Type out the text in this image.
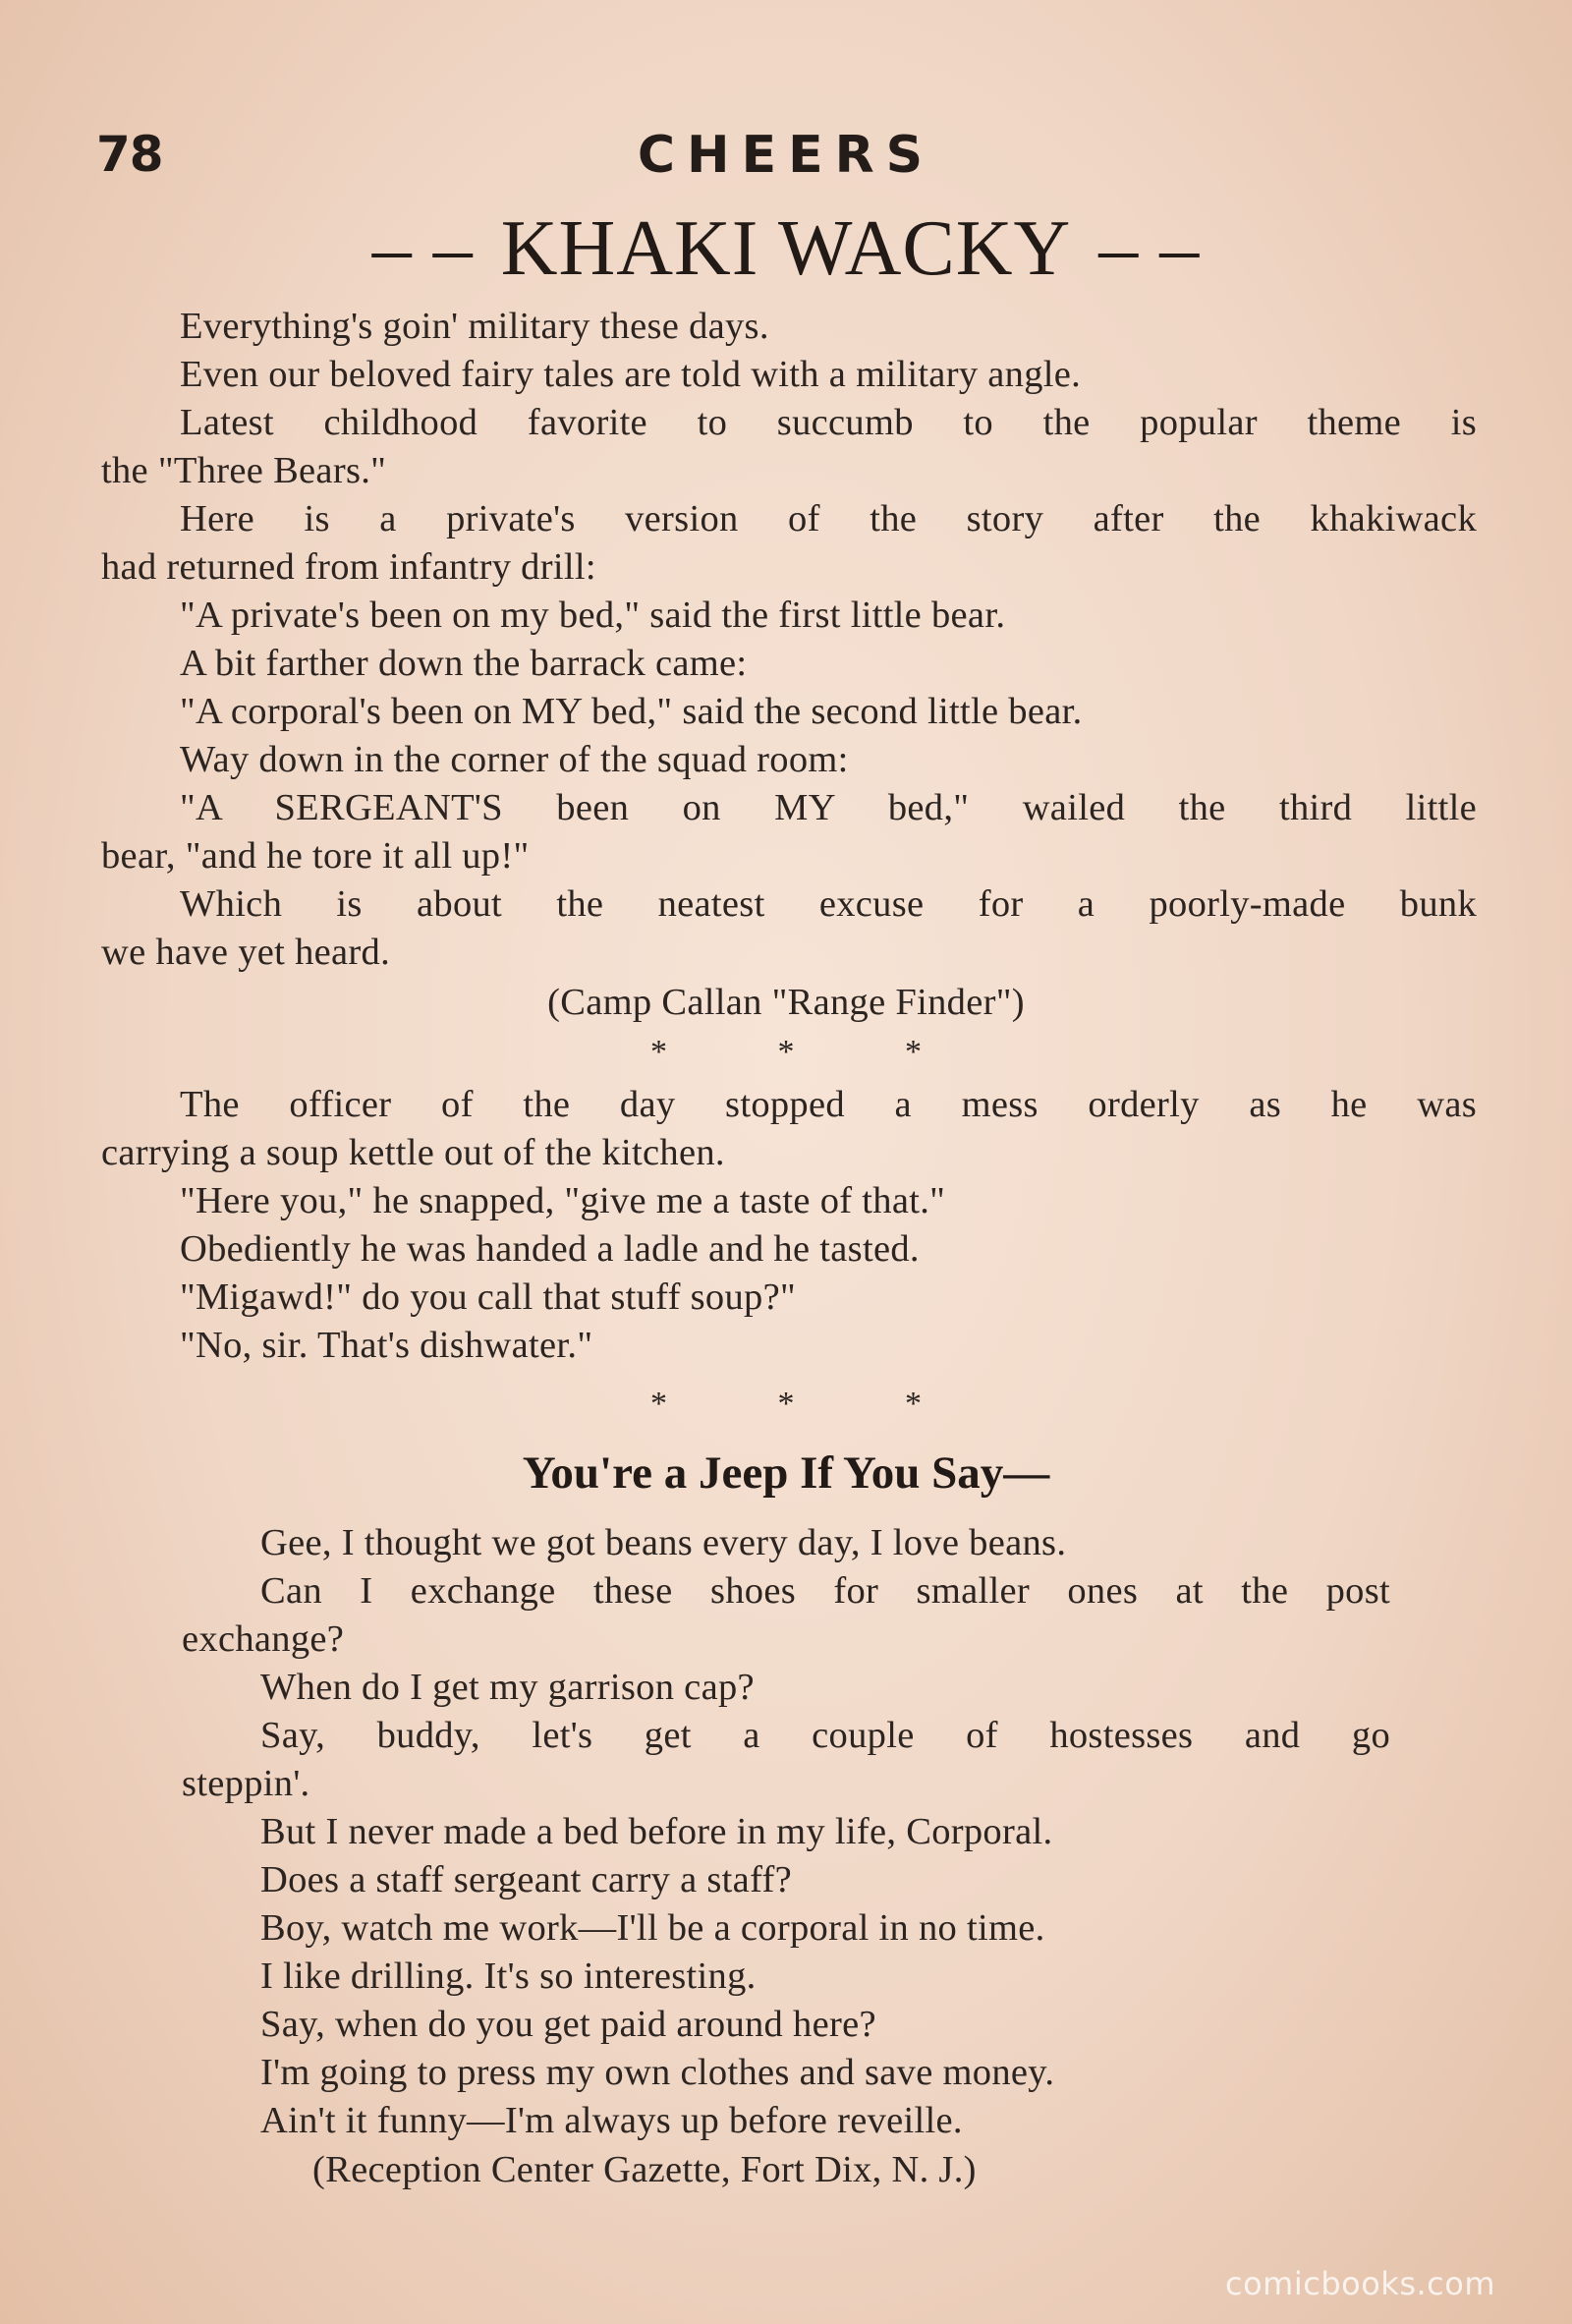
78	CHEERS
– – KHAKI WACKY – –
Everything's goin' military these days.
Even our beloved fairy tales are told with a military angle.
Latest childhood favorite to succumb to the popular theme is
the "Three Bears."
Here is a private's version of the story after the khakiwack
had returned from infantry drill:
"A private's been on my bed," said the first little bear.
A bit farther down the barrack came:
"A corporal's been on MY bed," said the second little bear.
Way down in the corner of the squad room:
"A SERGEANT'S been on MY bed," wailed the third little
bear, "and he tore it all up!"
Which is about the neatest excuse for a poorly-made bunk
we have yet heard.
(Camp Callan "Range Finder")
* * *
The officer of the day stopped a mess orderly as he was
carrying a soup kettle out of the kitchen.
"Here you," he snapped, "give me a taste of that."
Obediently he was handed a ladle and he tasted.
"Migawd!" do you call that stuff soup?"
"No, sir. That's dishwater."
* * *
You're a Jeep If You Say—
Gee, I thought we got beans every day, I love beans.
Can I exchange these shoes for smaller ones at the post
exchange?
When do I get my garrison cap?
Say, buddy, let's get a couple of hostesses and go
steppin'.
But I never made a bed before in my life, Corporal.
Does a staff sergeant carry a staff?
Boy, watch me work—I'll be a corporal in no time.
I like drilling. It's so interesting.
Say, when do you get paid around here?
I'm going to press my own clothes and save money.
Ain't it funny—I'm always up before reveille.
(Reception Center Gazette, Fort Dix, N. J.)
comicbooks.com
